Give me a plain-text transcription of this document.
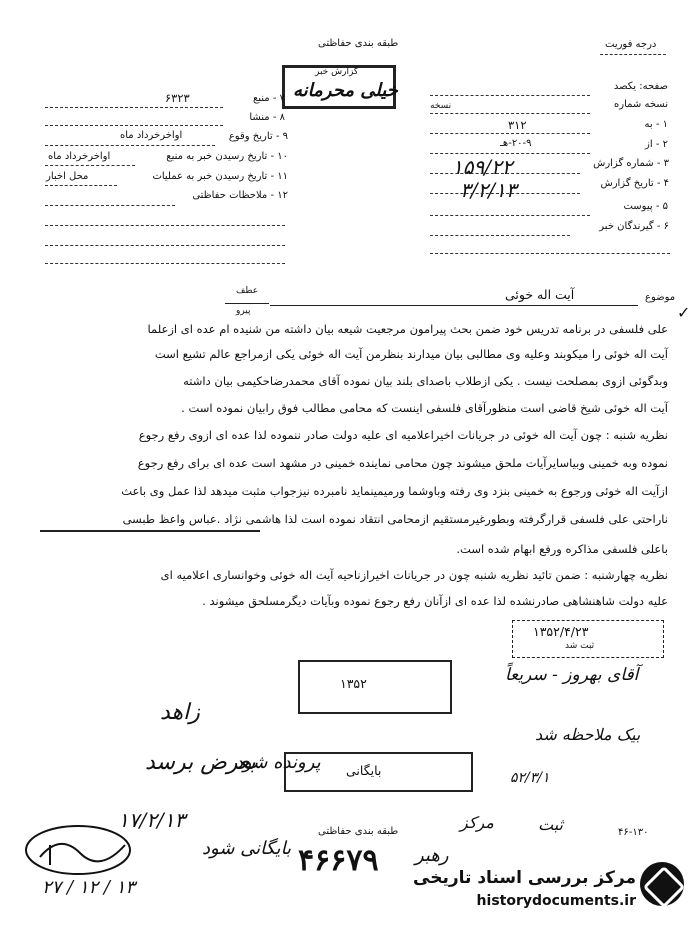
طبقه بندی حفاظتی	درجه فوریت
گزارش خبر
خیلی محرمانه
۷ - منبع
۶۳۲۳
۸ - منشا
۹ - تاریخ وقوع
اواخرخرداد ماه
۱۰ - تاریخ رسیدن خبر به منبع
اواخرخرداد ماه
۱۱ - تاریخ رسیدن خبر به عملیات
محل اخبار
۱۲ - ملاحظات حفاظتی
صفحه: یکصد
نسخه شماره
نسخه
۱ - به
۳۱۲
۲ - از
۲۰-۹-هـ
۳ - شماره گزارش
۱۵۹/۲۲
۴ - تاریخ گزارش
۳/۲/۱۳
۵ - پیوست
۶ - گیرندگان خبر
موضوع
آیت اله خوئی
عطف
پیرو	✓
علی فلسفی در برنامه تدریس خود ضمن بحث پیرامون مرجعیت شیعه بیان داشته من شنیده ام عده ای ازعلما
آیت اله خوئی را میکوبند وعلیه وی مطالبی بیان میدارند بنظرمن آیت اله خوئی یکی ازمراجع عالم تشیع است
وبدگوئی ازوی بمصلحت نیست . یکی ازطلاب باصدای بلند بیان نموده آقای محمدرضاحکیمی بیان داشته
آیت اله خوئی شیخ قاضی است منظورآقای فلسفی اینست که محامی مطالب فوق رابیان نموده است .
نظریه شنبه : چون آیت اله خوئی در جریانات اخیراعلامیه ای علیه دولت صادر ننموده لذا عده ای ازوی رفع رجوع
نموده وبه خمینی وبیاسایرآیات ملحق میشوند چون محامی نماینده خمینی در مشهد است عده ای برای رفع رجوع
ازآیت اله خوئی ورجوع به خمینی بنزد وی رفته وباوشما ورمیمینماید نامبرده نیزجواب مثبت میدهد لذا عمل وی باعث
ناراحتی علی فلسفی قرارگرفته وبطورغیرمستقیم ازمحامی انتقاد نموده است لذا هاشمی نژاد .عباس واعظ طبسی
باعلی فلسفی مذاکره ورفع ابهام شده است.
نظریه چهارشنبه : ضمن تائید نظریه شنبه چون در جریانات اخیرازناحیه آیت اله خوئی وخوانساری اعلامیه ای
علیه دولت شاهنشاهی صادرنشده لذا عده ای ازآنان رفع رجوع نموده وبآیات دیگرمسلحق میشوند .
۱۳۵۲/۴/۲۳
ثبت شد
۱۳۵۲
بایگانی
آقای بهروز - سریعاً
۲۷ / ۱۲ / ۱۳
زاهد
بیک ملاحظه شد
بعرض برسد
پرونده شود
رهبر
مرکز
۴۶۶۷۹
بایگانی شود
۱۷/۲/۱۳	ثبت
۵۲/۳/۱
طبقه بندی حفاظتی	۴۶-۱۳۰
مرکز بررسی اسناد تاریخی
historydocuments.ir
